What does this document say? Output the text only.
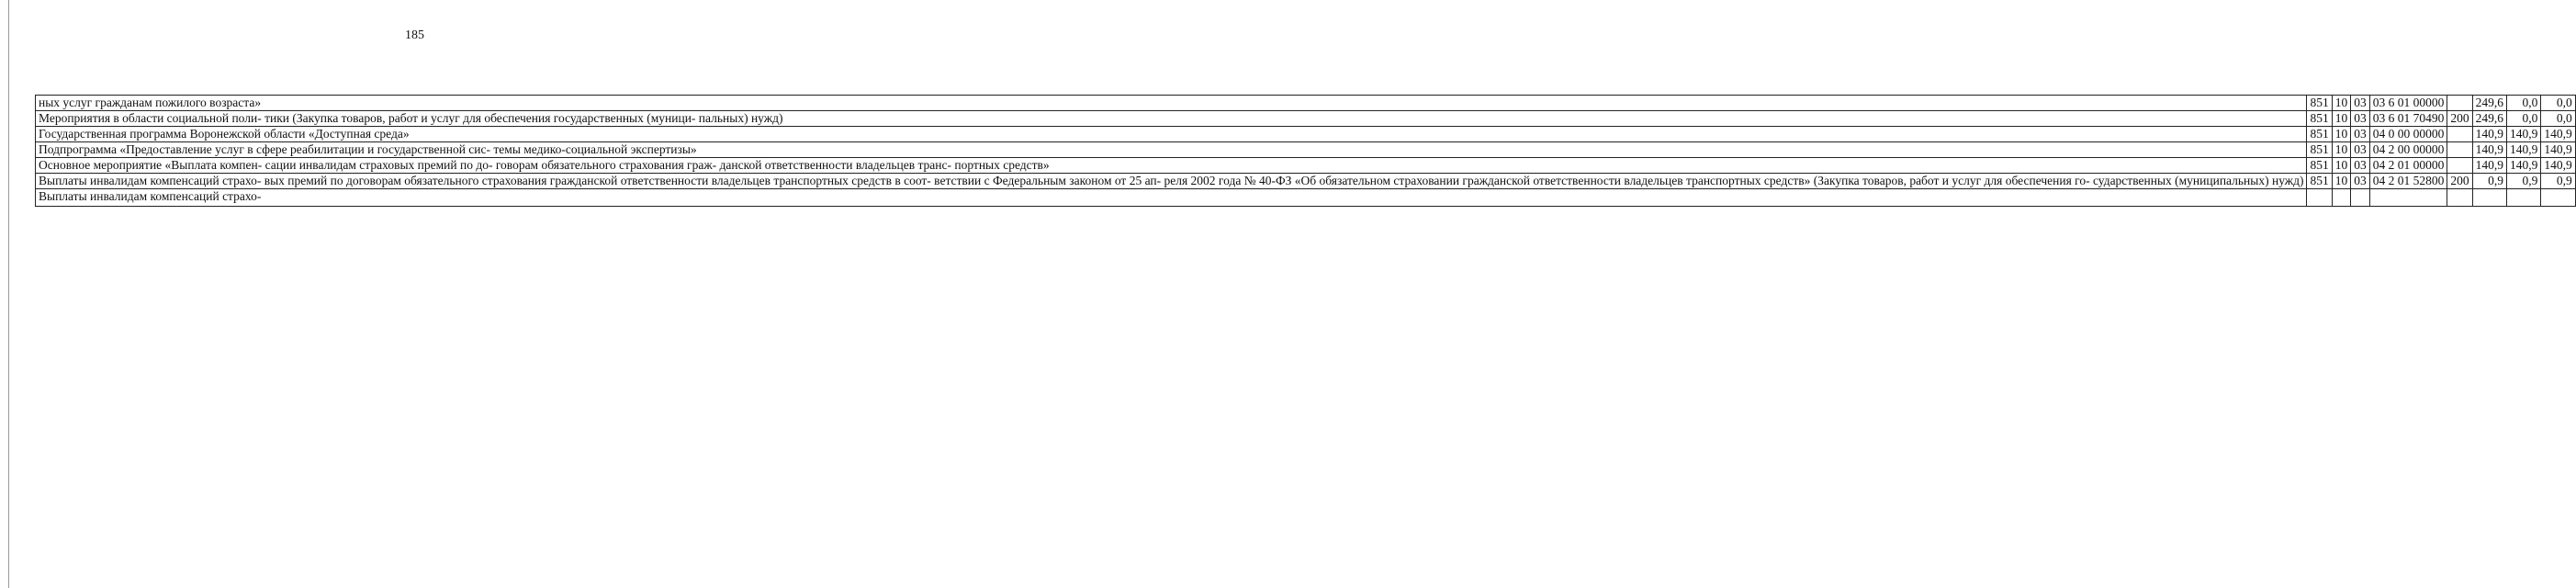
185
ных услуг гражданам пожилого возраста»	851	10	03	03 6 01 00000		249,6	0,0	0,0
Мероприятия в области социальной поли- тики (Закупка товаров, работ и услуг для обеспечения государственных (муници- пальных) нужд)	851	10	03	03 6 01 70490	200	249,6	0,0	0,0
Государственная программа Воронежской области «Доступная среда»	851	10	03	04 0 00 00000		140,9	140,9	140,9
Подпрограмма «Предоставление услуг в сфере реабилитации и государственной сис- темы медико-социальной экспертизы»	851	10	03	04 2 00 00000		140,9	140,9	140,9
Основное мероприятие «Выплата компен- сации инвалидам страховых премий по до- говорам обязательного страхования граж- данской ответственности владельцев транс- портных средств»	851	10	03	04 2 01 00000		140,9	140,9	140,9
Выплаты инвалидам компенсаций страхо- вых премий по договорам обязательного страхования гражданской ответственности владельцев транспортных средств в соот- ветствии с Федеральным законом от 25 ап- реля 2002 года № 40-ФЗ «Об обязательном страховании гражданской ответственности владельцев транспортных средств» (Закупка товаров, работ и услуг для обеспечения го- сударственных (муниципальных) нужд)	851	10	03	04 2 01 52800	200	0,9	0,9	0,9
Выплаты инвалидам компенсаций страхо-								
